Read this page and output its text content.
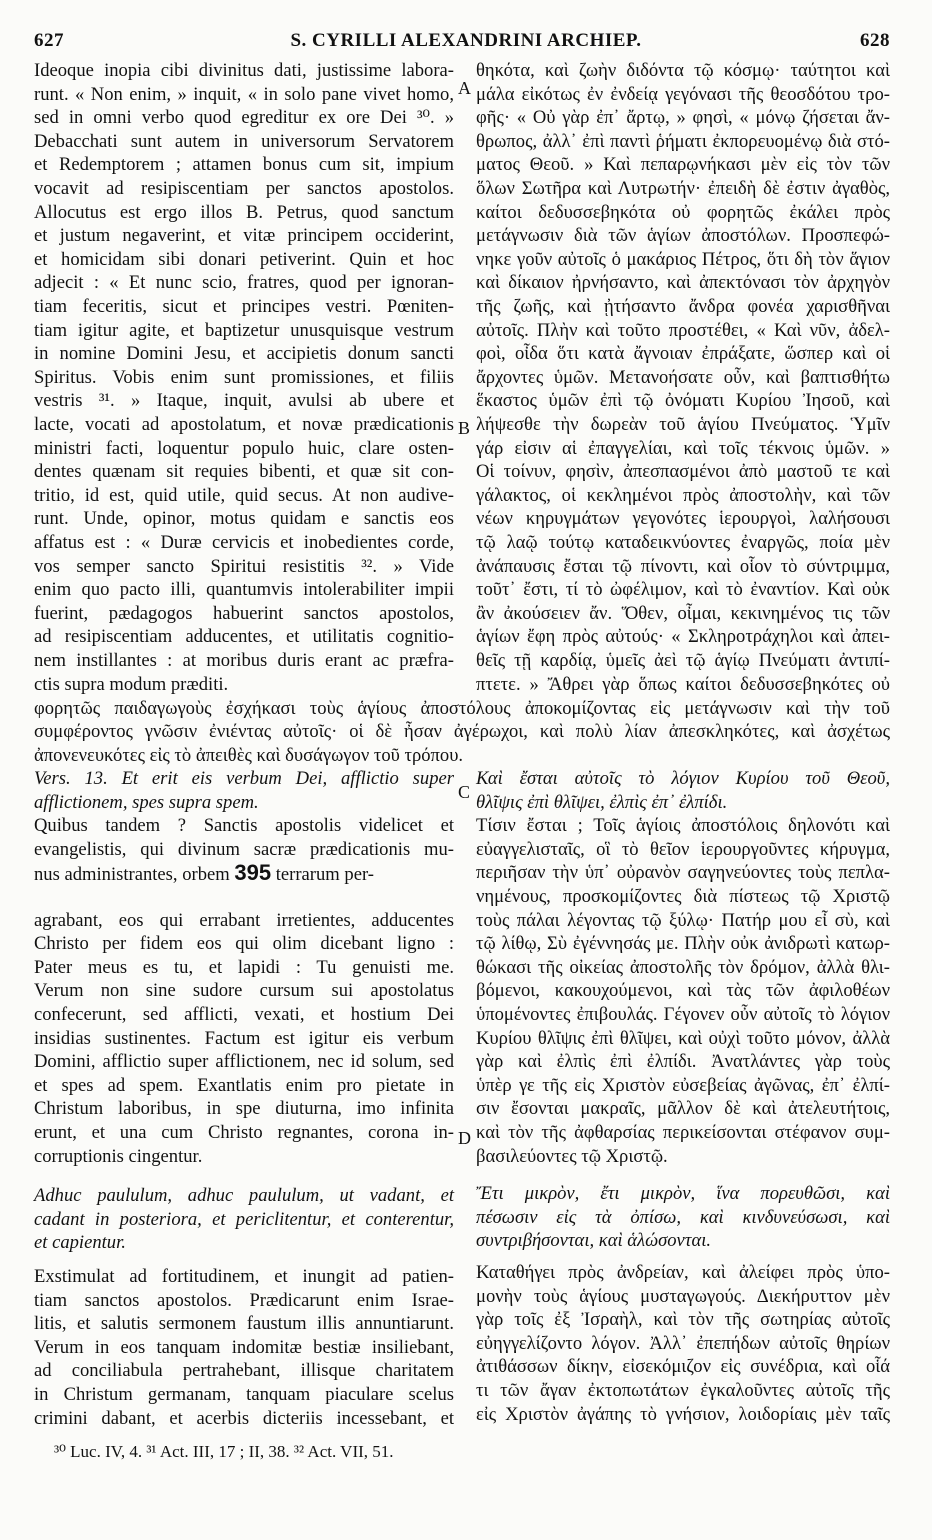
627	S. CYRILLI ALEXANDRINI ARCHIEP.	628
A
B
C
D
Ideoque inopia cibi divinitus dati, justissime labora-
runt. « Non enim, » inquit, « in solo pane vivet homo,
sed in omni verbo quod egreditur ex ore Dei ³⁰. »
Debacchati sunt autem in universorum Servatorem
et Redemptorem ; attamen bonus cum sit, impium
vocavit ad resipiscentiam per sanctos apostolos.
Allocutus est ergo illos B. Petrus, quod sanctum
et justum negaverint, et vitæ principem occiderint,
et homicidam sibi donari petiverint. Quin et hoc
adjecit : « Et nunc scio, fratres, quod per ignoran-
tiam feceritis, sicut et principes vestri. Pœniten-
tiam igitur agite, et baptizetur unusquisque vestrum
in nomine Domini Jesu, et accipietis donum sancti
Spiritus. Vobis enim sunt promissiones, et filiis
vestris ³¹. » Itaque, inquit, avulsi ab ubere et
lacte, vocati ad apostolatum, et novæ prædicationis
ministri facti, loquentur populo huic, clare osten-
dentes quænam sit requies bibenti, et quæ sit con-
tritio, id est, quid utile, quid secus. At non audive-
runt. Unde, opinor, motus quidam e sanctis eos
affatus est : « Duræ cervicis et inobedientes corde,
vos semper sancto Spiritui resistitis ³². » Vide
enim quo pacto illi, quantumvis intolerabiliter impii
fuerint, pædagogos habuerint sanctos apostolos,
ad resipiscentiam adducentes, et utilitatis cognitio-
nem instillantes : at moribus duris erant ac præfra-
ctis supra modum præditi.
θηκότα, καὶ ζωὴν διδόντα τῷ κόσμῳ· ταύτητοι καὶ
μάλα εἰκότως ἐν ἐνδείᾳ γεγόνασι τῆς θεοσδότου τρο-
φῆς· « Οὐ γὰρ ἐπ᾽ ἄρτῳ, » φησὶ, « μόνῳ ζήσεται ἄν-
θρωπος, ἀλλ᾽ ἐπὶ παντὶ ῥήματι ἐκπορευομένῳ διὰ στό-
ματος Θεοῦ. » Καὶ πεπαρῳνήκασι μὲν εἰς τὸν τῶν
ὅλων Σωτῆρα καὶ Λυτρωτήν· ἐπειδὴ δὲ ἐστιν ἀγαθὸς,
καίτοι δεδυσσεβηκότα οὐ φορητῶς ἐκάλει πρὸς
μετάγνωσιν διὰ τῶν ἁγίων ἀποστόλων. Προσπεφώ-
νηκε γοῦν αὐτοῖς ὁ μακάριος Πέτρος, ὅτι δὴ τὸν ἅγιον
καὶ δίκαιον ἠρνήσαντο, καὶ ἀπεκτόνασι τὸν ἀρχηγὸν
τῆς ζωῆς, καὶ ᾐτήσαντο ἄνδρα φονέα χαρισθῆναι
αὐτοῖς. Πλὴν καὶ τοῦτο προστέθει, « Καὶ νῦν, ἀδελ-
φοὶ, οἶδα ὅτι κατὰ ἄγνοιαν ἐπράξατε, ὥσπερ καὶ οἱ
ἄρχοντες ὑμῶν. Μετανοήσατε οὖν, καὶ βαπτισθήτω
ἕκαστος ὑμῶν ἐπὶ τῷ ὀνόματι Κυρίου Ἰησοῦ, καὶ
λήψεσθε τὴν δωρεὰν τοῦ ἁγίου Πνεύματος. Ὑμῖν
γάρ εἰσιν αἱ ἐπαγγελίαι, καὶ τοῖς τέκνοις ὑμῶν. »
Οἱ τοίνυν, φησὶν, ἀπεσπασμένοι ἀπὸ μαστοῦ τε καὶ
γάλακτος, οἱ κεκλημένοι πρὸς ἀποστολὴν, καὶ τῶν
νέων κηρυγμάτων γεγονότες ἱερουργοὶ, λαλήσουσι
τῷ λαῷ τούτῳ καταδεικνύοντες ἐναργῶς, ποία μὲν
ἀνάπαυσις ἔσται τῷ πίνοντι, καὶ οἷον τὸ σύντριμμα,
τοῦτ᾽ ἔστι, τί τὸ ὠφέλιμον, καὶ τὸ ἐναντίον. Καὶ οὐκ
ἂν ἀκούσειεν ἄν. Ὅθεν, οἶμαι, κεκινημένος τις τῶν
ἁγίων ἔφη πρὸς αὐτούς· « Σκληροτράχηλοι καὶ ἀπει-
θεῖς τῇ καρδίᾳ, ὑμεῖς ἀεὶ τῷ ἁγίῳ Πνεύματι ἀντιπί-
πτετε. » Ἄθρει γὰρ ὅπως καίτοι δεδυσσεβηκότες οὐ
φορητῶς παιδαγωγοὺς ἐσχήκασι τοὺς ἁγίους ἀποστόλους ἀποκομίζοντας εἰς μετάγνωσιν καὶ τὴν τοῦ
συμφέροντος γνῶσιν ἐνιέντας αὐτοῖς· οἱ δὲ ἦσαν ἀγέρωχοι, καὶ πολὺ λίαν ἀπεσκληκότες, καὶ ἀσχέτως
ἀπονενευκότες εἰς τὸ ἀπειθὲς καὶ δυσάγωγον τοῦ τρόπου.
Vers. 13. Et erit eis verbum Dei, afflictio super
afflictionem, spes supra spem.
Quibus tandem ? Sanctis apostolis videlicet et
evangelistis, qui divinum sacræ prædicationis mu-
agrabant, eos qui errabant irretientes, adducentes
Christo per fidem eos qui olim dicebant ligno :
Pater meus es tu, et lapidi : Tu genuisti me.
Verum non sine sudore cursum sui apostolatus
confecerunt, sed afflicti, vexati, et hostium Dei
insidias sustinentes. Factum est igitur eis verbum
Domini, afflictio super afflictionem, nec id solum, sed
et spes ad spem. Exantlatis enim pro pietate in
Christum laboribus, in spe diuturna, imo infinita
erunt, et una cum Christo regnantes, corona in-
corruptionis cingentur.
Adhuc paululum, adhuc paululum, ut vadant, et
cadant in posteriora, et periclitentur, et conterentur,
et capientur.
Exstimulat ad fortitudinem, et inungit ad patien-
tiam sanctos apostolos. Prædicarunt enim Israe-
litis, et salutis sermonem faustum illis annuntiarunt.
Verum in eos tanquam indomitæ bestiæ insiliebant,
ad conciliabula pertrahebant, illisque charitatem
in Christum germanam, tanquam piaculare scelus
crimini dabant, et acerbis dicteriis incessebant, et
nus administrantes, orbem 395 terrarum per-
Καὶ ἔσται αὐτοῖς τὸ λόγιον Κυρίου τοῦ Θεοῦ,
θλῖψις ἐπὶ θλῖψει, ἐλπὶς ἐπ᾽ ἐλπίδι.
Τίσιν ἔσται ; Τοῖς ἁγίοις ἀποστόλοις δηλονότι καὶ
εὐαγγελισταῖς, οἳ τὸ θεῖον ἱερουργοῦντες κήρυγμα,
περιῆσαν τὴν ὑπ᾽ οὐρανὸν σαγηνεύοντες τοὺς πεπλα-
νημένους, προσκομίζοντες διὰ πίστεως τῷ Χριστῷ
τοὺς πάλαι λέγοντας τῷ ξύλῳ· Πατήρ μου εἶ σὺ, καὶ
τῷ λίθῳ, Σὺ ἐγέννησάς με. Πλὴν οὐκ ἀνιδρωτὶ κατωρ-
θώκασι τῆς οἰκείας ἀποστολῆς τὸν δρόμον, ἀλλὰ θλι-
βόμενοι, κακουχούμενοι, καὶ τὰς τῶν ἀφιλοθέων
ὑπομένοντες ἐπιβουλάς. Γέγονεν οὖν αὐτοῖς τὸ λόγιον
Κυρίου θλῖψις ἐπὶ θλῖψει, καὶ οὐχὶ τοῦτο μόνον, ἀλλὰ
γὰρ καὶ ἐλπὶς ἐπὶ ἐλπίδι. Ἀνατλάντες γὰρ τοὺς
ὑπὲρ γε τῆς εἰς Χριστὸν εὐσεβείας ἀγῶνας, ἐπ᾽ ἐλπί-
σιν ἔσονται μακραῖς, μᾶλλον δὲ καὶ ἀτελευτήτοις,
καὶ τὸν τῆς ἀφθαρσίας περικείσονται στέφανον συμ-
βασιλεύοντες τῷ Χριστῷ.
Ἔτι μικρὸν, ἔτι μικρὸν, ἵνα πορευθῶσι, καὶ
πέσωσιν εἰς τὰ ὀπίσω, καὶ κινδυνεύσωσι, καὶ
συντριβήσονται, καὶ ἁλώσονται.
Καταθήγει πρὸς ἀνδρείαν, καὶ ἀλείφει πρὸς ὑπο-
μονὴν τοὺς ἁγίους μυσταγωγούς. Διεκήρυττον μὲν
γὰρ τοῖς ἐξ Ἰσραὴλ, καὶ τὸν τῆς σωτηρίας αὐτοῖς
εὐηγγελίζοντο λόγον. Ἀλλ᾽ ἐπεπήδων αὐτοῖς θηρίων
ἀτιθάσσων δίκην, εἰσεκόμιζον εἰς συνέδρια, καὶ οἷά
τι τῶν ἄγαν ἐκτοπωτάτων ἐγκαλοῦντες αὐτοῖς τῆς
εἰς Χριστὸν ἀγάπης τὸ γνήσιον, λοιδορίαις μὲν ταῖς
³⁰ Luc. IV, 4. ³¹ Act. III, 17 ; II, 38. ³² Act. VII, 51.
